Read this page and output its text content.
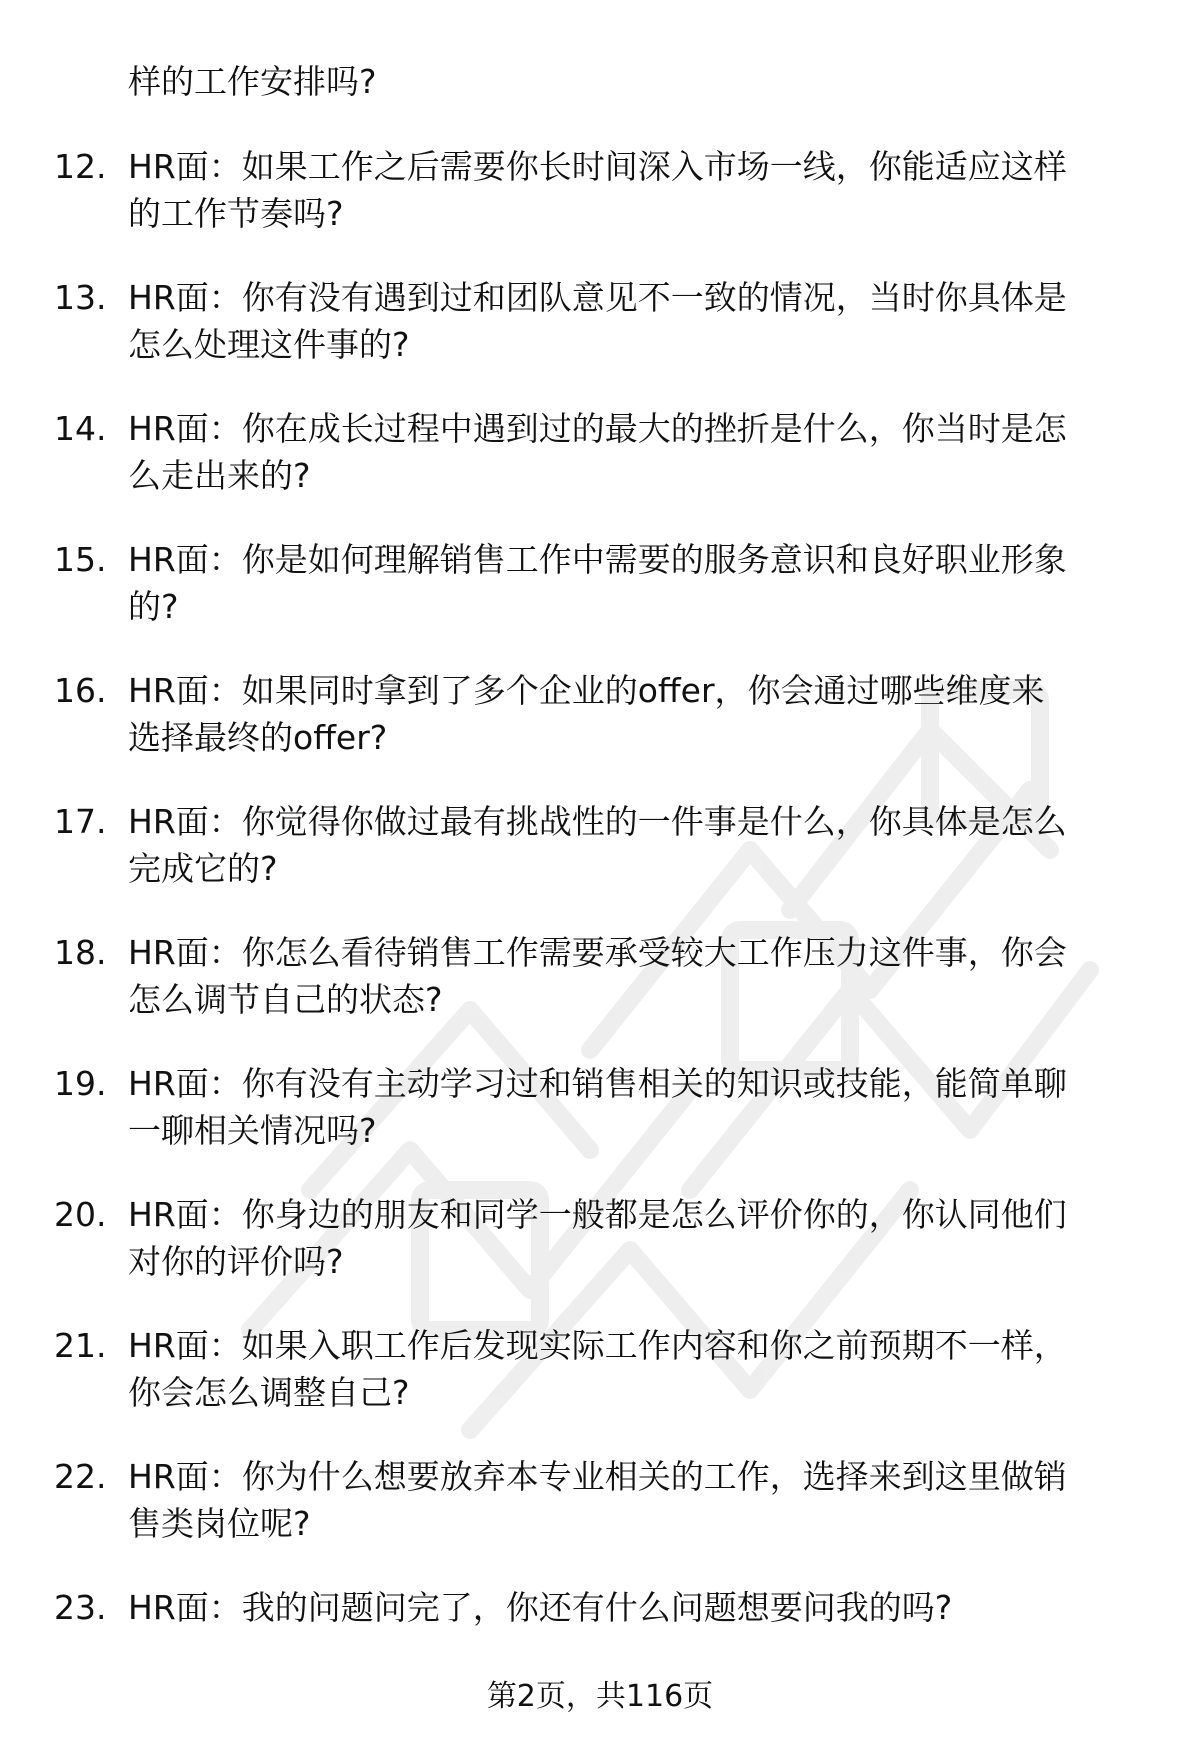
样的工作安排吗?
12. HR面：如果工作之后需要你长时间深入市场一线，你能适应这样
的工作节奏吗?
13. HR面：你有没有遇到过和团队意见不一致的情况，当时你具体是
怎么处理这件事的?
14. HR面：你在成长过程中遇到过的最大的挫折是什么，你当时是怎
么走出来的?
15. HR面：你是如何理解销售工作中需要的服务意识和良好职业形象
的?
16. HR面：如果同时拿到了多个企业的offer，你会通过哪些维度来
选择最终的offer?
17. HR面：你觉得你做过最有挑战性的一件事是什么，你具体是怎么
完成它的?
18. HR面：你怎么看待销售工作需要承受较大工作压力这件事，你会
怎么调节自己的状态?
19. HR面：你有没有主动学习过和销售相关的知识或技能，能简单聊
一聊相关情况吗?
20. HR面：你身边的朋友和同学一般都是怎么评价你的，你认同他们
对你的评价吗?
21. HR面：如果入职工作后发现实际工作内容和你之前预期不一样，
你会怎么调整自己?
22. HR面：你为什么想要放弃本专业相关的工作，选择来到这里做销
售类岗位呢?
23. HR面：我的问题问完了，你还有什么问题想要问我的吗?
第2页，共116页
